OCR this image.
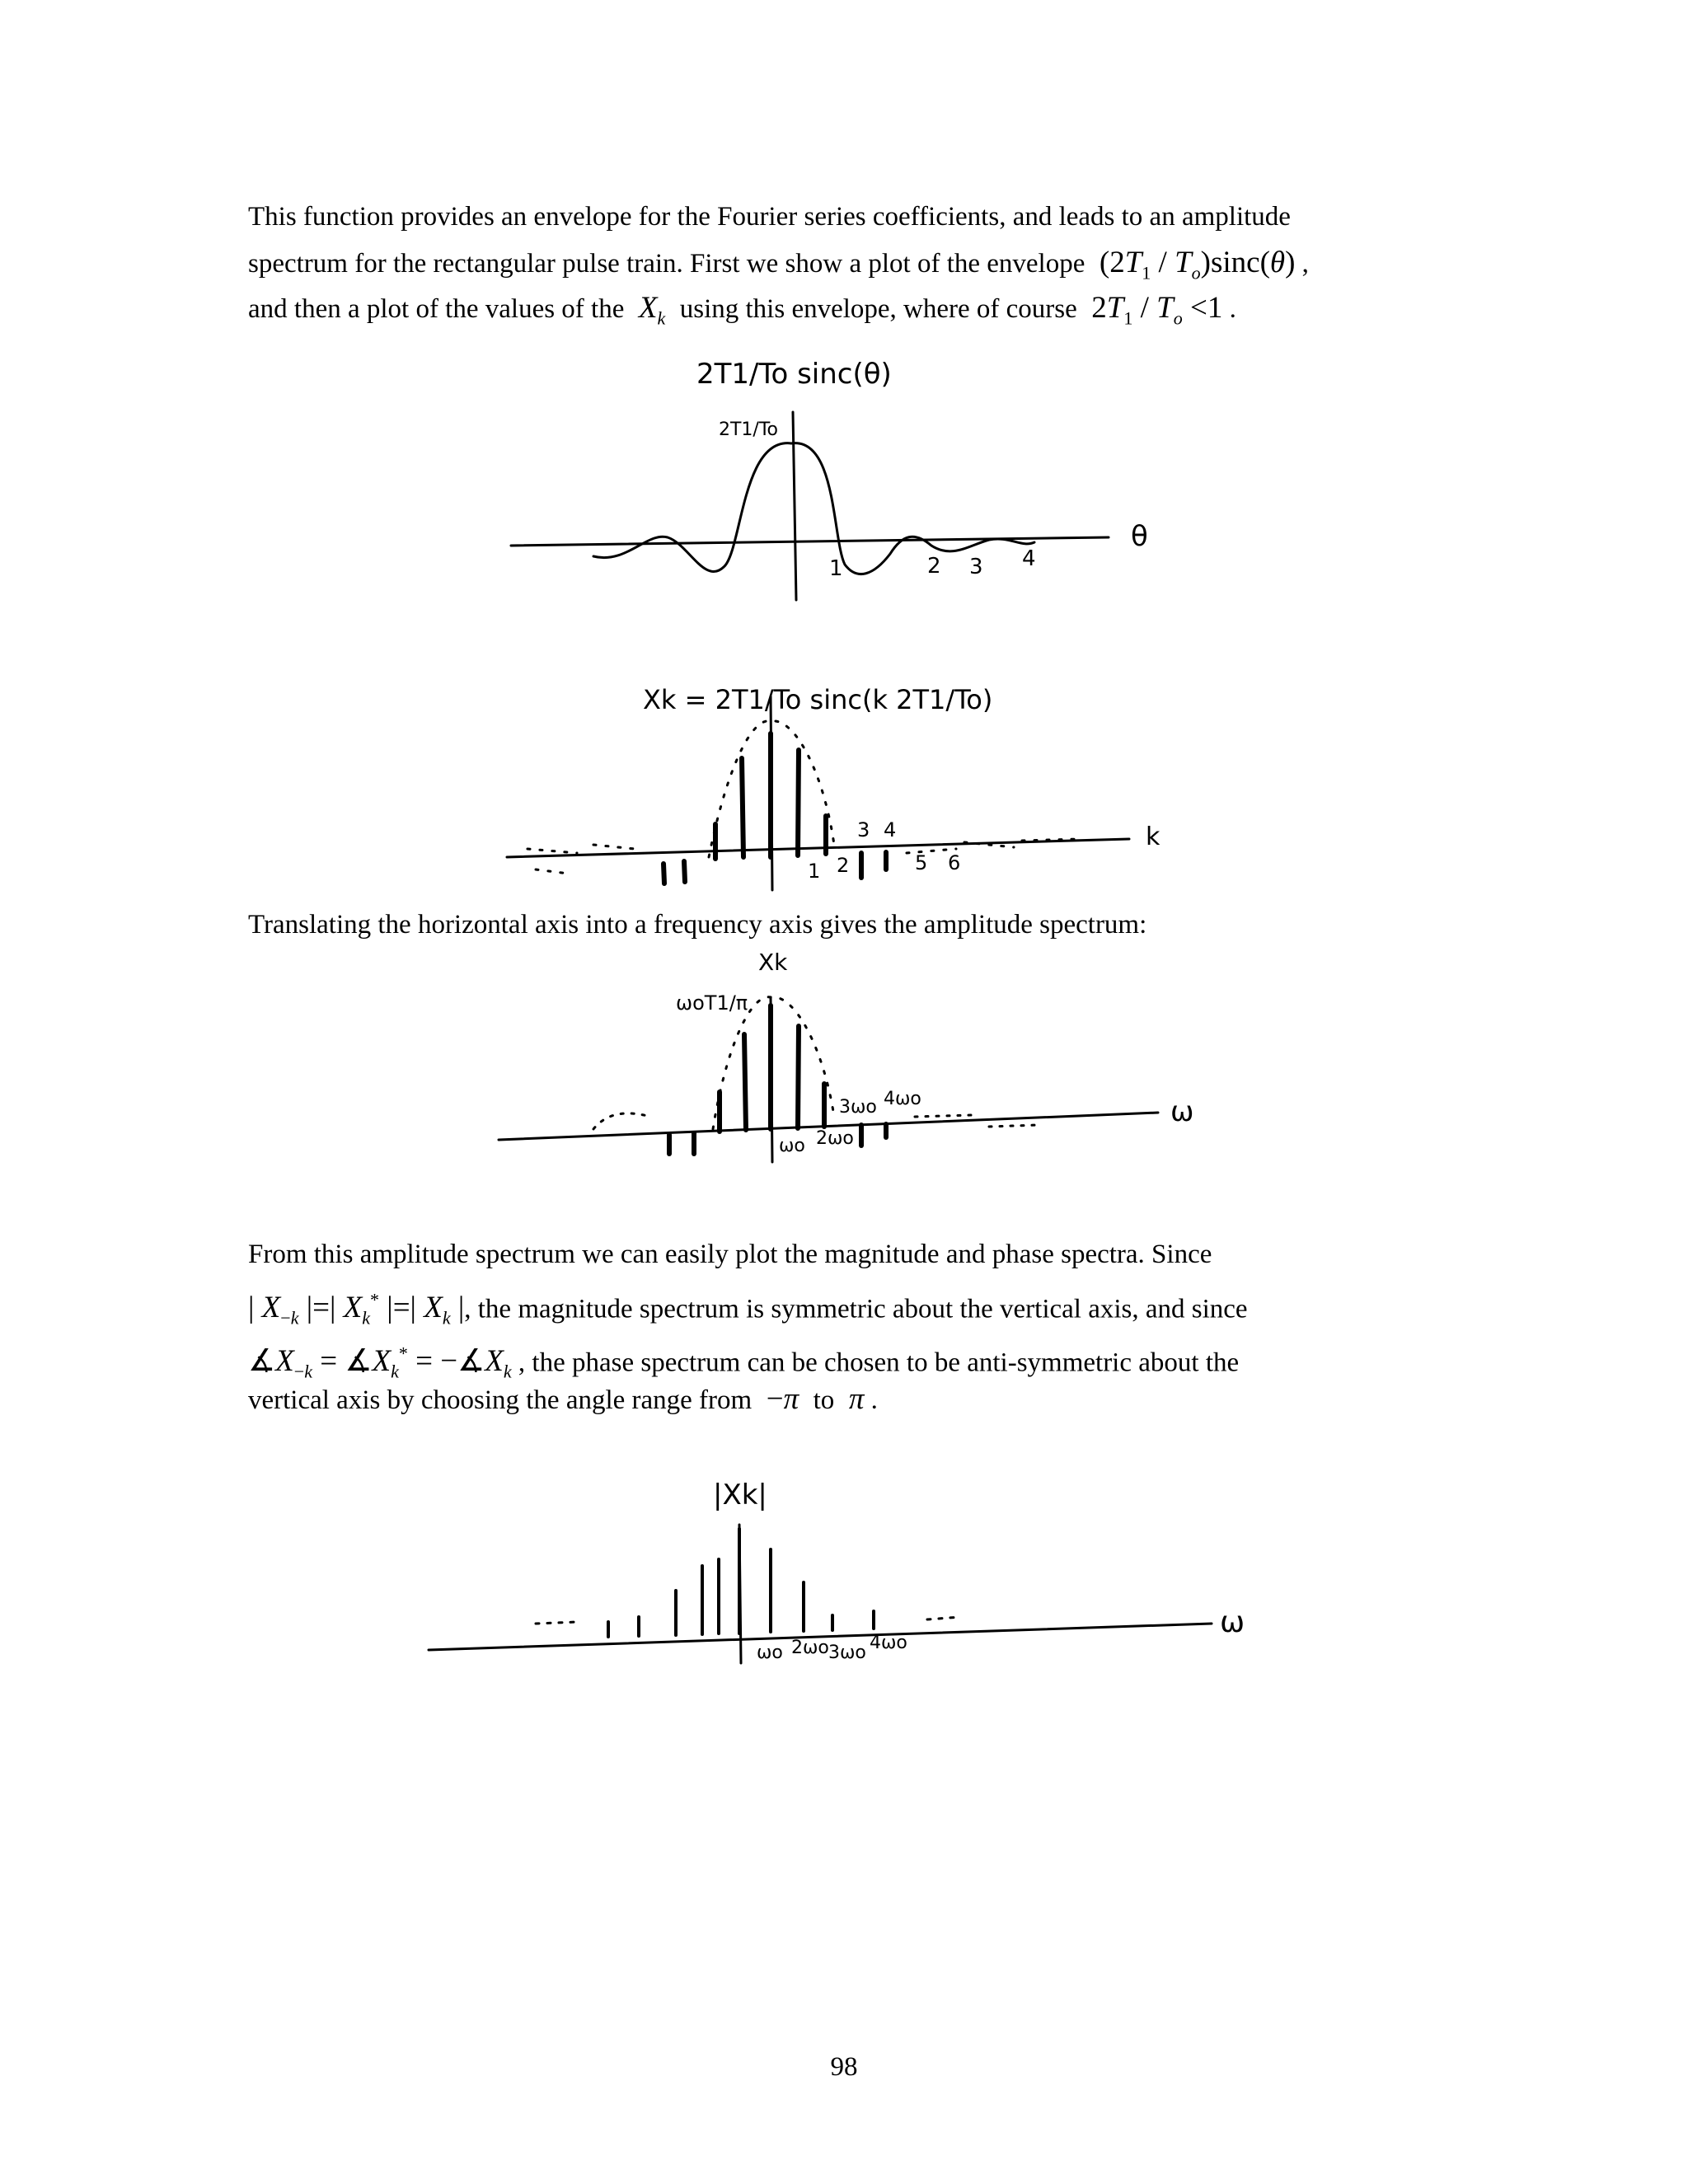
This function provides an envelope for the Fourier series coefficients, and leads to an amplitude
spectrum for the rectangular pulse train. First we show a plot of the envelope  $(2T_1 / T_o)\sin c(\theta)$ ,
and then a plot of the values of the $X_k$ using this envelope, where of course  $2T_1 / T_o <1$ .
2T1/To sinc(θ)
2T1/To
1	2 3 4
θ
Xk = 2T1/To sinc(k 2T1/To)
3 4
1 2	5 6
k
Translating the horizontal axis into a frequency axis gives the amplitude spectrum:
Xk
ωoT1/π
ωo 2ωo
3ωo 4ωo	ω
From this amplitude spectrum we can easily plot the magnitude and phase spectra. Since
| $X_{-k}$ |=| $X_k^*$ |=| $X_k$ |, the magnitude spectrum is symmetric about the vertical axis, and since
$∡X_{-k}$ = $∡X_k^*$ = $-∡X_k$ , the phase spectrum can be chosen to be anti-symmetric about the
vertical axis by choosing the angle range from  −π to π .
|Xk|
ωo 2ωo 3ωo 4ωo
ω
98
